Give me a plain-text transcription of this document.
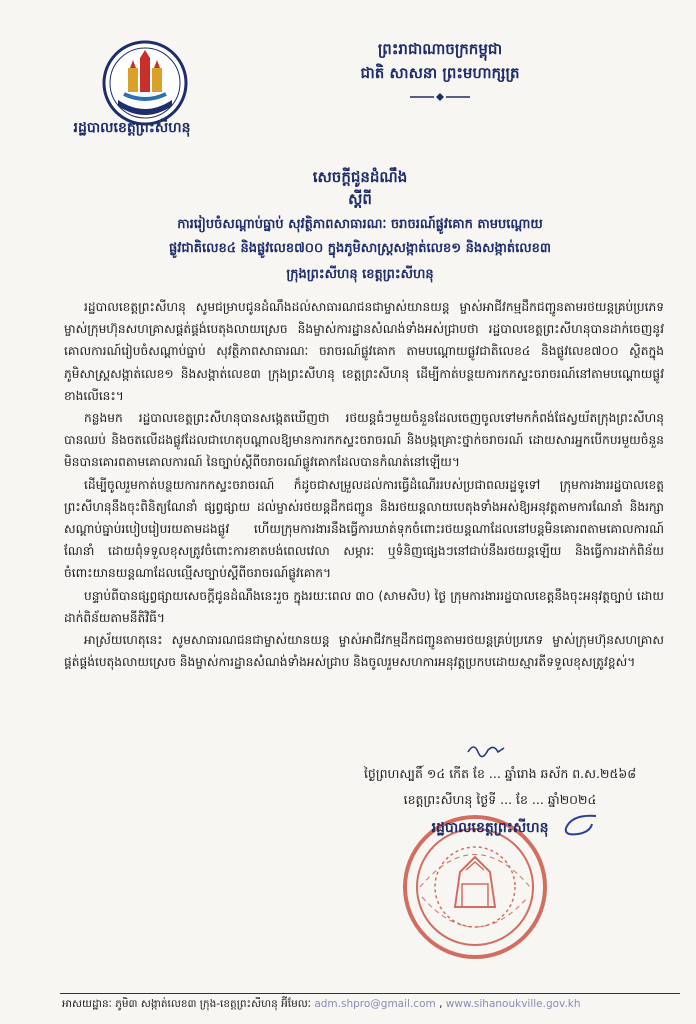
រដ្ឋបាលខេត្តព្រះសីហនុ
ព្រះរាជាណាចក្រកម្ពុជា
ជាតិ សាសនា ព្រះមហាក្សត្រ
សេចក្ដីជូនដំណឹង
ស្ដីពី
ការរៀបចំសណ្ដាប់ធ្នាប់ សុវត្ថិភាពសាធារណៈ ចរាចរណ៍ផ្លូវគោក តាមបណ្ដោយ
ផ្លូវជាតិលេខ៤ និងផ្លូវលេខ៧០០ ក្នុងភូមិសាស្ត្រសង្កាត់លេខ១ និងសង្កាត់លេខ៣
ក្រុងព្រះសីហនុ ខេត្តព្រះសីហនុ

រដ្ឋបាលខេត្តព្រះសីហនុ សូមជម្រាបជូនដំណឹងដល់សាធារណជនជាម្ចាស់យានយន្ត ម្ចាស់អាជីវកម្មដឹកជញ្ជូនតាមរថយន្តគ្រប់ប្រភេទ ម្ចាស់ក្រុមហ៊ុនសហគ្រាសផ្គត់ផ្គង់បេតុងលាយស្រេច និងម្ចាស់ការដ្ឋានសំណង់ទាំងអស់ជ្រាបថា រដ្ឋបាលខេត្តព្រះសីហនុបានដាក់ចេញនូវគោលការណ៍រៀបចំសណ្ដាប់ធ្នាប់ សុវត្ថិភាពសាធារណៈ ចរាចរណ៍ផ្លូវគោក តាមបណ្ដោយផ្លូវជាតិលេខ៤ និងផ្លូវលេខ៧០០ ស្ថិតក្នុងភូមិសាស្ត្រសង្កាត់លេខ១ និងសង្កាត់លេខ៣ ក្រុងព្រះសីហនុ ខេត្តព្រះសីហនុ ដើម្បីកាត់បន្ថយការកកស្ទះចរាចរណ៍នៅតាមបណ្ដោយផ្លូវខាងលើនេះ។

កន្លងមក រដ្ឋបាលខេត្តព្រះសីហនុបានសង្កេតឃើញថា រថយន្តធំៗមួយចំនួនដែលចេញចូលទៅមកកំពង់ផែស្វយ័តក្រុងព្រះសីហនុ បានឈប់ និងចតលើដងផ្លូវដែលជាហេតុបណ្ដាលឱ្យមានការកកស្ទះចរាចរណ៍ និងបង្កគ្រោះថ្នាក់ចរាចរណ៍ ដោយសារអ្នកបើកបរមួយចំនួនមិនបានគោរពតាមគោលការណ៍ នៃច្បាប់ស្ដីពីចរាចរណ៍ផ្លូវគោកដែលបានកំណត់នៅឡើយ។

ដើម្បីចូលរួមកាត់បន្ថយការកកស្ទះចរាចរណ៍ ក៏ដូចជាសម្រួលដល់ការធ្វើដំណើររបស់ប្រជាពលរដ្ឋទូទៅ ក្រុមការងាររដ្ឋបាលខេត្តព្រះសីហនុនឹងចុះពិនិត្យណែនាំ ផ្សព្វផ្សាយ ដល់ម្ចាស់រថយន្តដឹកជញ្ជូន និងរថយន្តលាយបេតុងទាំងអស់ឱ្យអនុវត្តតាមការណែនាំ និងរក្សាសណ្ដាប់ធ្នាប់របៀបរៀបរយតាមដងផ្លូវ ហើយក្រុមការងារនឹងធ្វើការឃាត់ទុកចំពោះរថយន្តណាដែលនៅបន្តមិនគោរពតាមគោលការណ៍ណែនាំ ដោយពុំទទួលខុសត្រូវចំពោះការខាតបង់ពេលវេលា សម្ភារៈ ឬទំនិញផ្សេងៗនៅជាប់នឹងរថយន្តឡើយ និងធ្វើការដាក់ពិន័យចំពោះយានយន្តណាដែលល្មើសច្បាប់ស្ដីពីចរាចរណ៍ផ្លូវគោក។

បន្ទាប់ពីបានផ្សព្វផ្សាយសេចក្ដីជូនដំណឹងនេះរួច ក្នុងរយៈពេល ៣០ (សាមសិប) ថ្ងៃ ក្រុមការងាររដ្ឋបាលខេត្តនឹងចុះអនុវត្តច្បាប់ ដោយដាក់ពិន័យតាមនីតិវិធី។

អាស្រ័យហេតុនេះ សូមសាធារណជនជាម្ចាស់យានយន្ត ម្ចាស់អាជីវកម្មដឹកជញ្ជូនតាមរថយន្តគ្រប់ប្រភេទ ម្ចាស់ក្រុមហ៊ុនសហគ្រាសផ្គត់ផ្គង់បេតុងលាយស្រេច និងម្ចាស់ការដ្ឋានសំណង់ទាំងអស់ជ្រាប និងចូលរួមសហការអនុវត្តប្រកបដោយស្មារតីទទួលខុសត្រូវខ្ពស់។

ថ្ងៃព្រហស្បតិ៍ ១៤ កើត ខែ ... ឆ្នាំរោង ឆស័ក ព.ស.២៥៦៨
ខេត្តព្រះសីហនុ ថ្ងៃទី ... ខែ ... ឆ្នាំ២០២៤
រដ្ឋបាលខេត្តព្រះសីហនុ
អាសយដ្ឋានៈ ភូមិ៣ សង្កាត់លេខ៣ ក្រុង-ខេត្តព្រះសីហនុ អ៊ីមែលៈ adm.shpro@gmail.com , www.sihanoukville.gov.kh
